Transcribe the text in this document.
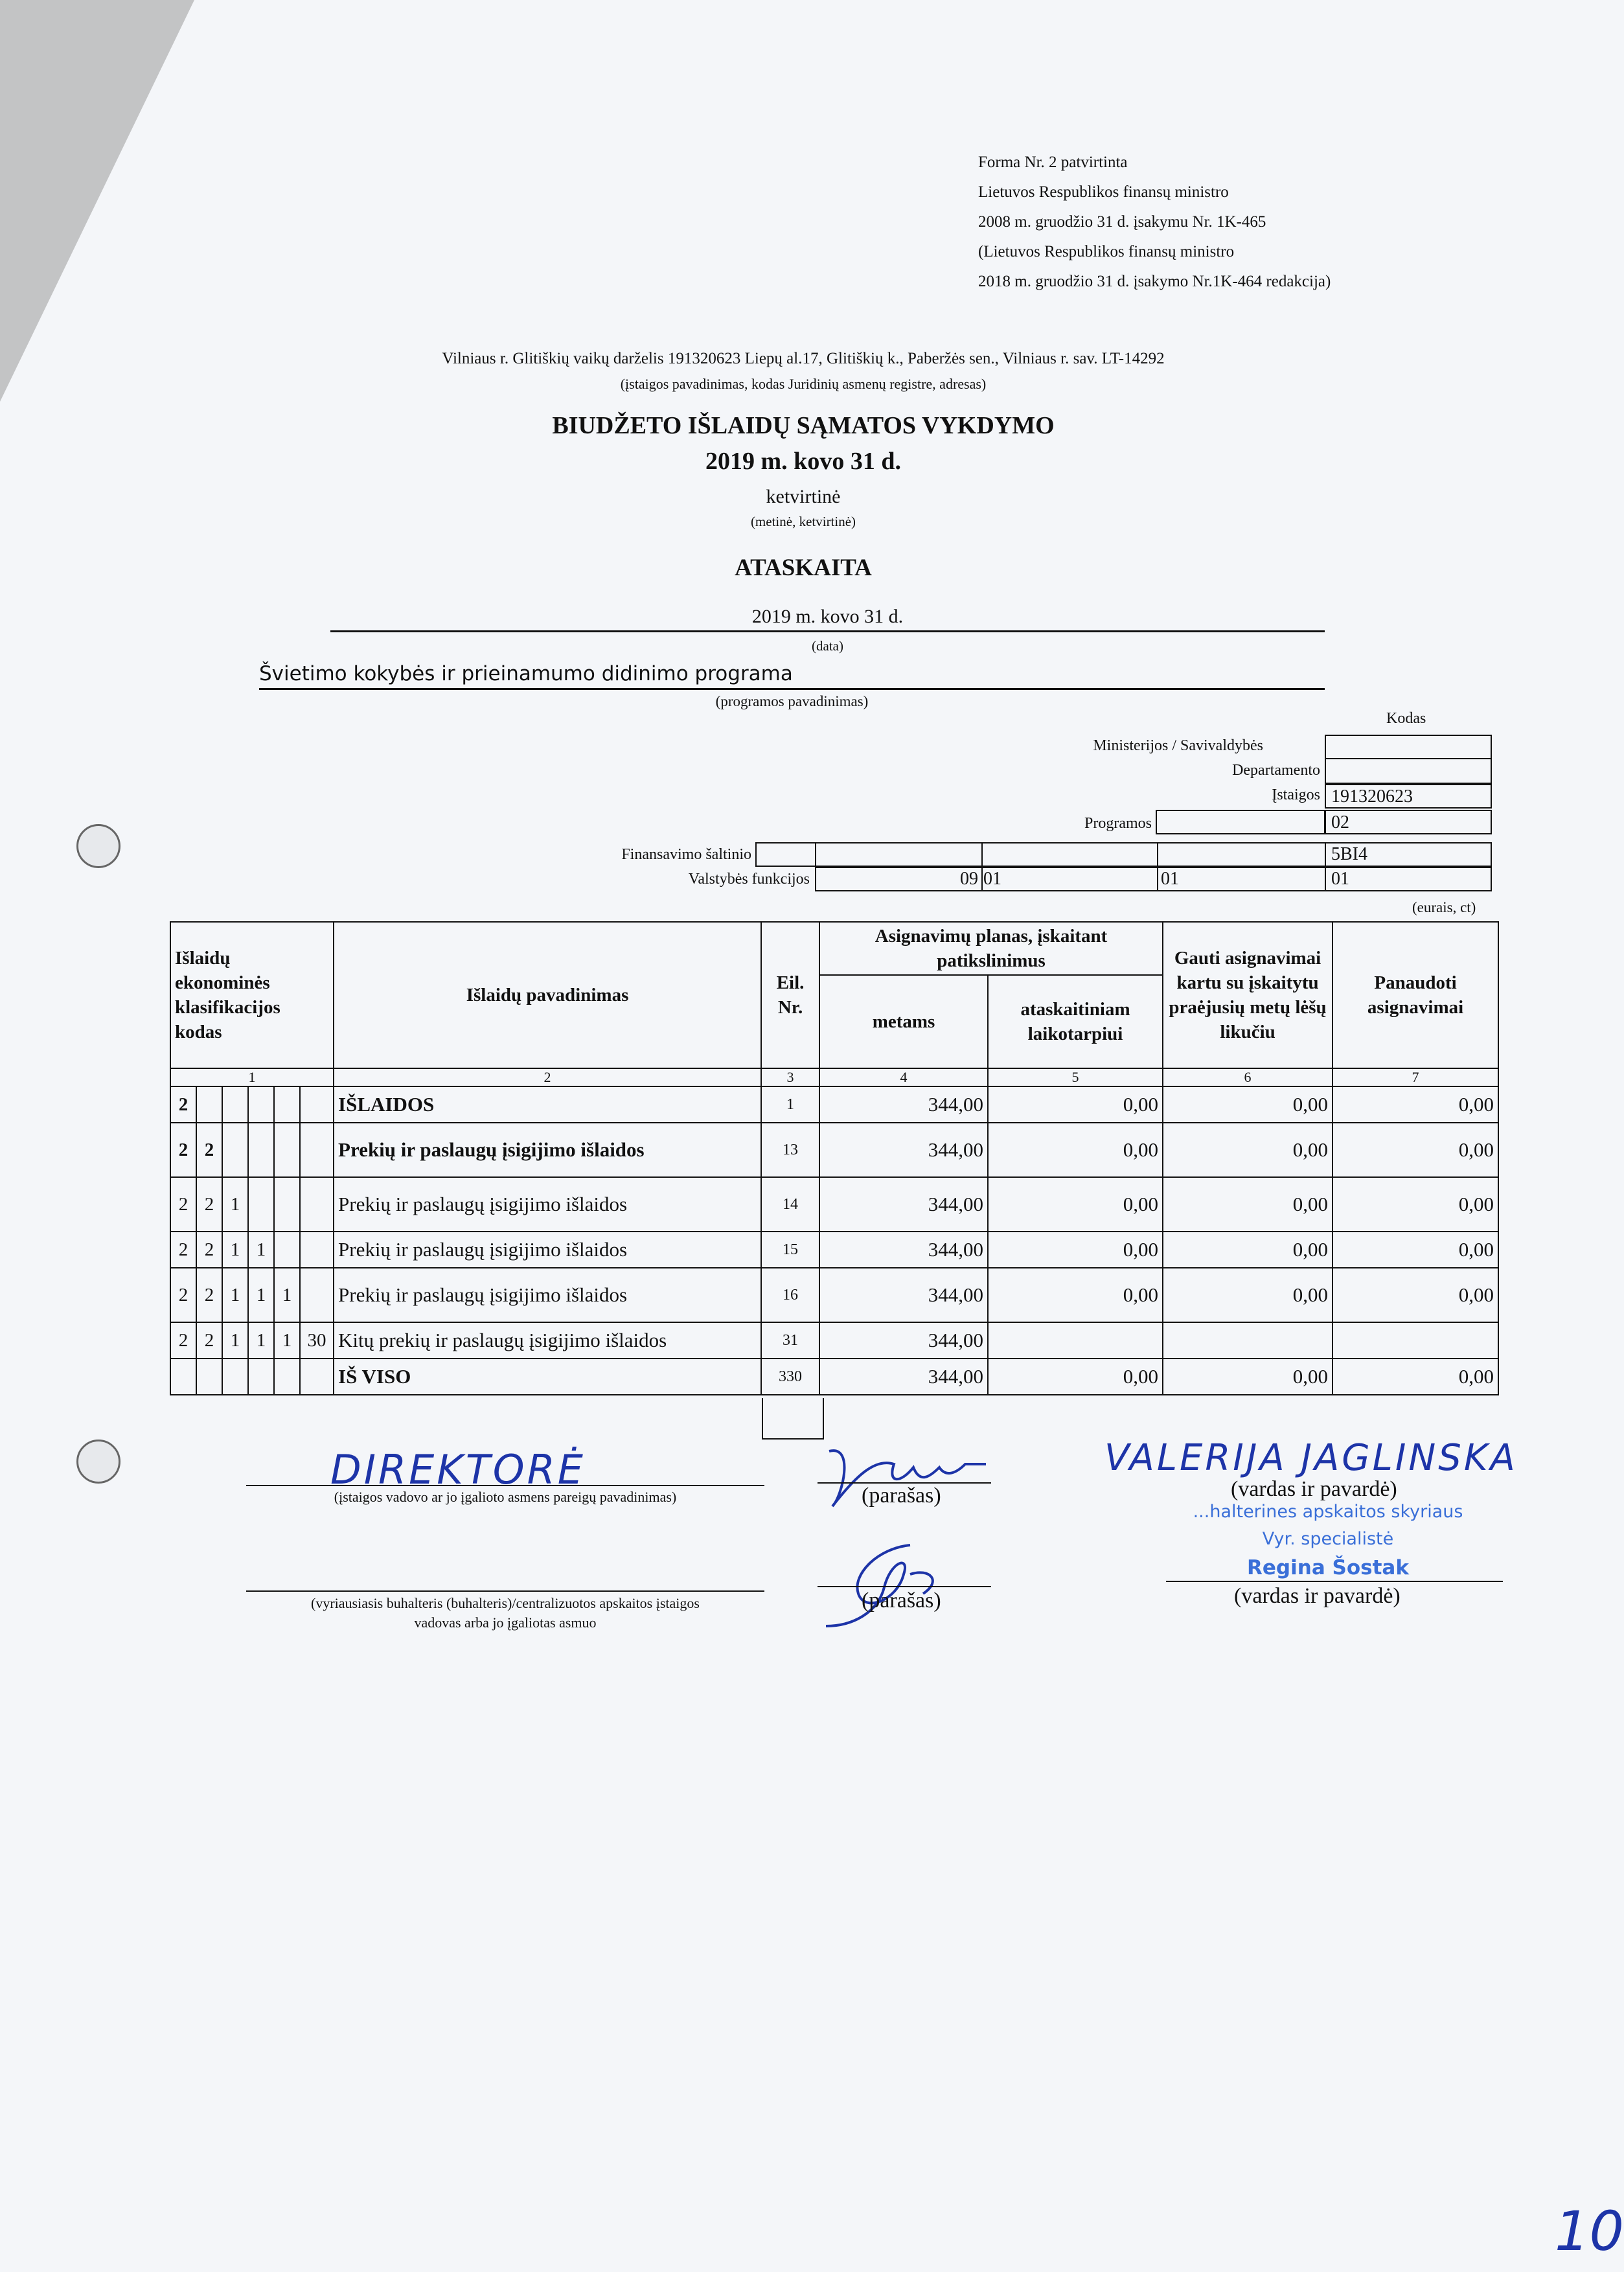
Forma Nr. 2 patvirtinta
Lietuvos Respublikos finansų ministro
2008 m. gruodžio 31 d. įsakymu Nr. 1K-465
(Lietuvos Respublikos finansų ministro
2018 m. gruodžio 31 d. įsakymo Nr.1K-464 redakcija)
Vilniaus r. Glitiškių vaikų darželis 191320623 Liepų al.17, Glitiškių k., Paberžės sen., Vilniaus r. sav. LT-14292
(įstaigos pavadinimas, kodas Juridinių asmenų registre, adresas)
BIUDŽETO IŠLAIDŲ SĄMATOS VYKDYMO
2019 m. kovo 31 d.
ketvirtinė
(metinė, ketvirtinė)
ATASKAITA
2019 m. kovo 31 d.
(data)
Švietimo kokybės ir prieinamumo didinimo programa
(programos pavadinimas)
Kodas
Ministerijos / Savivaldybės
Departamento
Įstaigos 191320623
Programos	02
Finansavimo šaltinio	5BI4
Valstybės funkcijos	09 01	01	01
(eurais, ct)
Išlaidų ekonominės klasifikacijos kodas						Išlaidų pavadinimas	Eil. Nr.	Asignavimų planas, įskaitant patikslinimus		Gauti asignavimai kartu su įskaitytu praėjusių metų lėšų likučiu	Panaudoti asignavimai
								metams	ataskaitiniam laikotarpiui		
1						2	3	4	5	6	7
2						IŠLAIDOS	1	344,00	0,00	0,00	0,00
2	2					Prekių ir paslaugų įsigijimo išlaidos	13	344,00	0,00	0,00	0,00
2	2	1				Prekių ir paslaugų įsigijimo išlaidos	14	344,00	0,00	0,00	0,00
2	2	1	1			Prekių ir paslaugų įsigijimo išlaidos	15	344,00	0,00	0,00	0,00
2	2	1	1	1		Prekių ir paslaugų įsigijimo išlaidos	16	344,00	0,00	0,00	0,00
2	2	1	1	1	30	Kitų prekių ir paslaugų įsigijimo išlaidos	31	344,00			
						IŠ VISO	330	344,00	0,00	0,00	0,00
DIREKTORĖ
(įstaigos vadovo ar jo įgalioto asmens pareigų pavadinimas)	(parašas)
VALERIJA JAGLINSKA
(vardas ir pavardė)
...halterines apskaitos skyriaus
Vyr. specialistė
Regina Šostak
(parašas)	(vardas ir pavardė)
(vyriausiasis buhalteris (buhalteris)/centralizuotos apskaitos įstaigos
vadovas arba jo įgaliotas asmuo
10
